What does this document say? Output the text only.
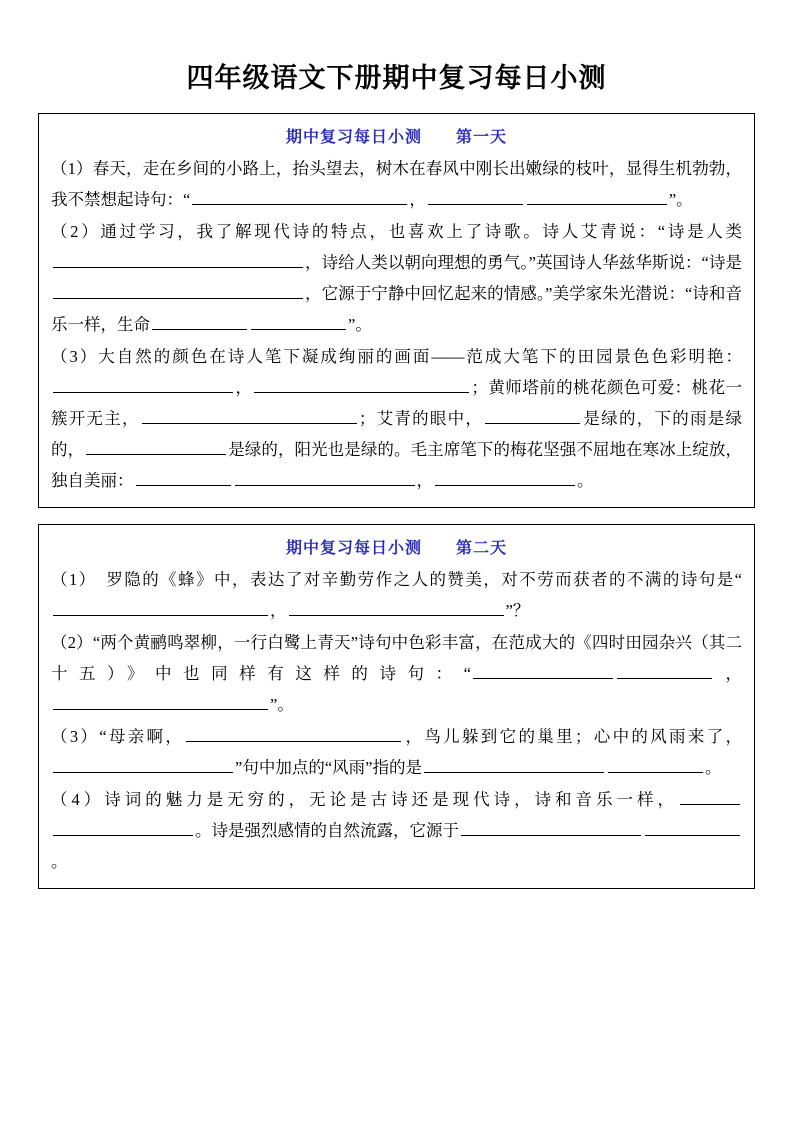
四年级语文下册期中复习每日小测
期中复习每日小测 第一天

（1）春天，走在乡间的小路上，抬头望去，树木在春风中刚长出嫩绿的枝叶，显得生机勃勃，我不禁想起诗句：“	，	”。

（2）通过学习，我了解现代诗的特点，也喜欢上了诗歌。诗人艾青说：“诗是人类，诗给人类以朝向理想的勇气。”英国诗人华兹华斯说：“诗是，它源于宁静中回忆起来的情感。”美学家朱光潜说：“诗和音乐一样，生命	”。

（3）大自然的颜色在诗人笔下凝成绚丽的画面——范成大笔下的田园景色色彩明艳：，	；黄师塔前的桃花颜色可爱：桃花一簇开无主，	；艾青的眼中，	是绿的，下的雨是绿的，	是绿的，阳光也是绿的。毛主席笔下的梅花坚强不屈地在寒冰上绽放，独自美丽：	，	。

期中复习每日小测 第二天

（1）　罗隐的《蜂》中，表达了对辛勤劳作之人的赞美，对不劳而获者的不满的诗句是“，	”？

（2）“两个黄鹂鸣翠柳，一行白鹭上青天”诗句中色彩丰富，在范成大的《四时田园杂兴（其二十五）》中也同样有这样的诗句：“	，”。

（3）“母亲啊，	，鸟儿躲到它的巢里；心中的风雨来了，”句中加点的“风雨”指的是	。

（4）诗词的魅力是无穷的，无论是古诗还是现代诗，诗和音乐一样，。诗是强烈感情的自然流露，它源于。
